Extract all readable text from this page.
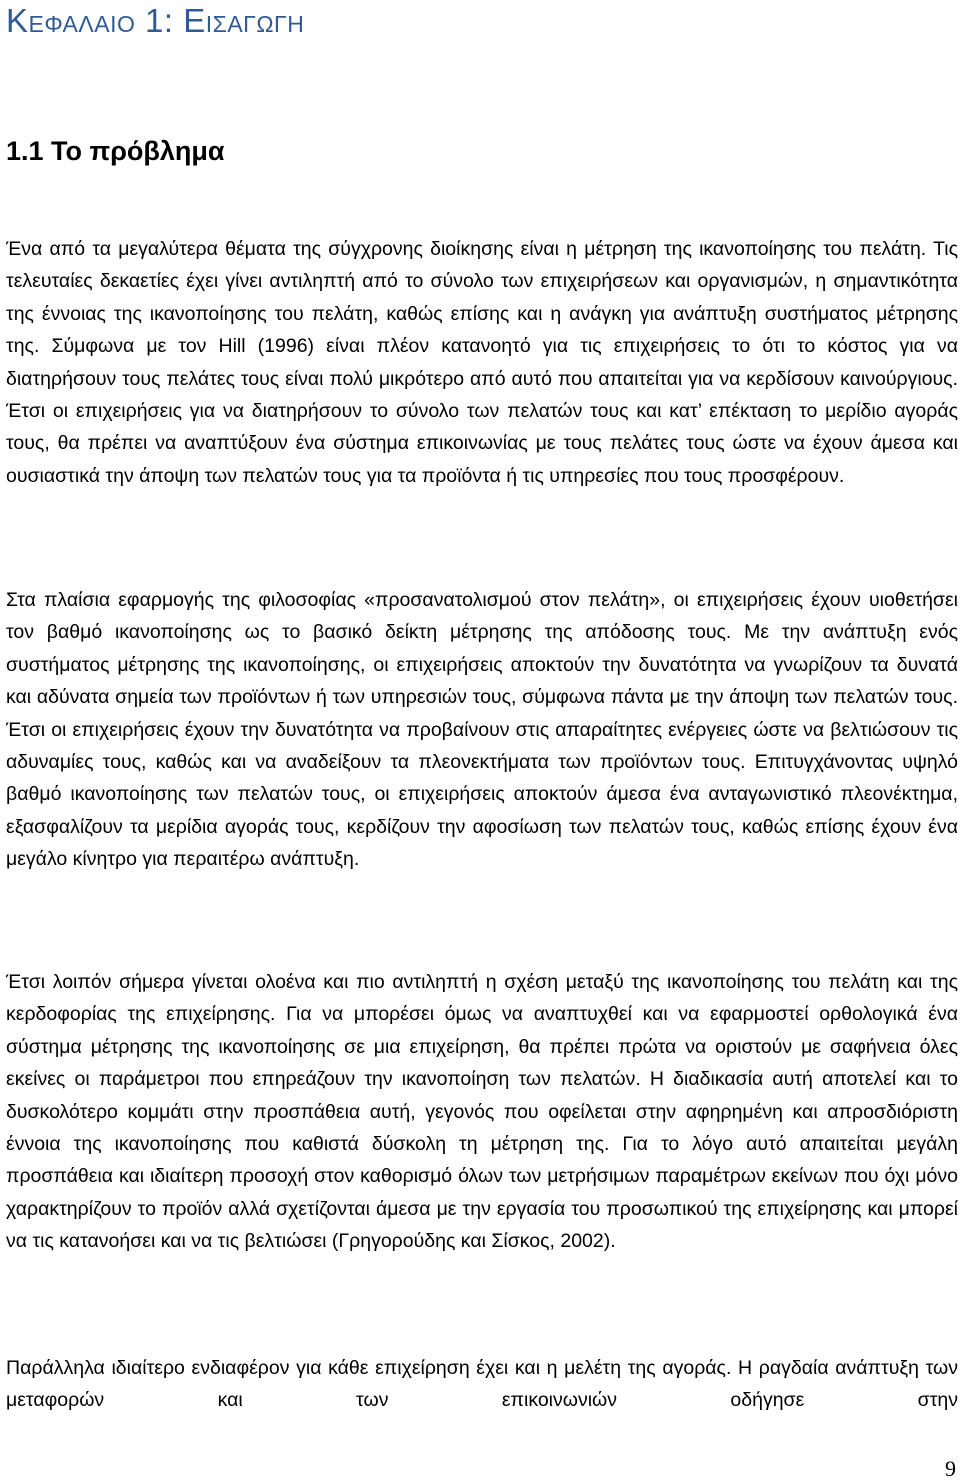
Κεφαλαιο 1: Εισαγωγη
1.1 Το πρόβλημα

Ένα από τα μεγαλύτερα θέματα της σύγχρονης διοίκησης είναι η μέτρηση της ικανοποίησης του πελάτη. Τις τελευταίες δεκαετίες έχει γίνει αντιληπτή από το σύνολο των επιχειρήσεων και οργανισμών, η σημαντικότητα της έννοιας της ικανοποίησης του πελάτη, καθώς επίσης και η ανάγκη για ανάπτυξη συστήματος μέτρησης της. Σύμφωνα με τον Hill (1996) είναι πλέον κατανοητό για τις επιχειρήσεις το ότι το κόστος για να διατηρήσουν τους πελάτες τους είναι πολύ μικρότερο από αυτό που απαιτείται για να κερδίσουν καινούργιους. Έτσι οι επιχειρήσεις για να διατηρήσουν το σύνολο των πελατών τους και κατ’ επέκταση το μερίδιο αγοράς τους, θα πρέπει να αναπτύξουν ένα σύστημα επικοινωνίας με τους πελάτες τους ώστε να έχουν άμεσα και ουσιαστικά την άποψη των πελατών τους για τα προϊόντα ή τις υπηρεσίες που τους προσφέρουν.

Στα πλαίσια εφαρμογής της φιλοσοφίας «προσανατολισμού στον πελάτη», οι επιχειρήσεις έχουν υιοθετήσει τον βαθμό ικανοποίησης ως το βασικό δείκτη μέτρησης της απόδοσης τους. Με την ανάπτυξη ενός συστήματος μέτρησης της ικανοποίησης, οι επιχειρήσεις αποκτούν την δυνατότητα να γνωρίζουν τα δυνατά και αδύνατα σημεία των προϊόντων ή των υπηρεσιών τους, σύμφωνα πάντα με την άποψη των πελατών τους. Έτσι οι επιχειρήσεις έχουν την δυνατότητα να προβαίνουν στις απαραίτητες ενέργειες ώστε να βελτιώσουν τις αδυναμίες τους, καθώς και να αναδείξουν τα πλεονεκτήματα των προϊόντων τους. Επιτυγχάνοντας υψηλό βαθμό ικανοποίησης των πελατών τους, οι επιχειρήσεις αποκτούν άμεσα ένα ανταγωνιστικό πλεονέκτημα, εξασφαλίζουν τα μερίδια αγοράς τους, κερδίζουν την αφοσίωση των πελατών τους, καθώς επίσης έχουν ένα μεγάλο κίνητρο για περαιτέρω ανάπτυξη.

Έτσι λοιπόν σήμερα γίνεται ολοένα και πιο αντιληπτή η σχέση μεταξύ της ικανοποίησης του πελάτη και της κερδοφορίας της επιχείρησης. Για να μπορέσει όμως να αναπτυχθεί και να εφαρμοστεί ορθολογικά ένα σύστημα μέτρησης της ικανοποίησης σε μια επιχείρηση, θα πρέπει πρώτα να οριστούν με σαφήνεια όλες εκείνες οι παράμετροι που επηρεάζουν την ικανοποίηση των πελατών. Η διαδικασία αυτή αποτελεί και το δυσκολότερο κομμάτι στην προσπάθεια αυτή, γεγονός που οφείλεται στην αφηρημένη και απροσδιόριστη έννοια της ικανοποίησης που καθιστά δύσκολη τη μέτρηση της. Για το λόγο αυτό απαιτείται μεγάλη προσπάθεια και ιδιαίτερη προσοχή στον καθορισμό όλων των μετρήσιμων παραμέτρων εκείνων που όχι μόνο χαρακτηρίζουν το προϊόν αλλά σχετίζονται άμεσα με την εργασία του προσωπικού της επιχείρησης και μπορεί να τις κατανοήσει και να τις βελτιώσει (Γρηγορούδης και Σίσκος, 2002).

Παράλληλα ιδιαίτερο ενδιαφέρον για κάθε επιχείρηση έχει και η μελέτη της αγοράς. Η ραγδαία ανάπτυξη των μεταφορών και των επικοινωνιών οδήγησε στην

9
